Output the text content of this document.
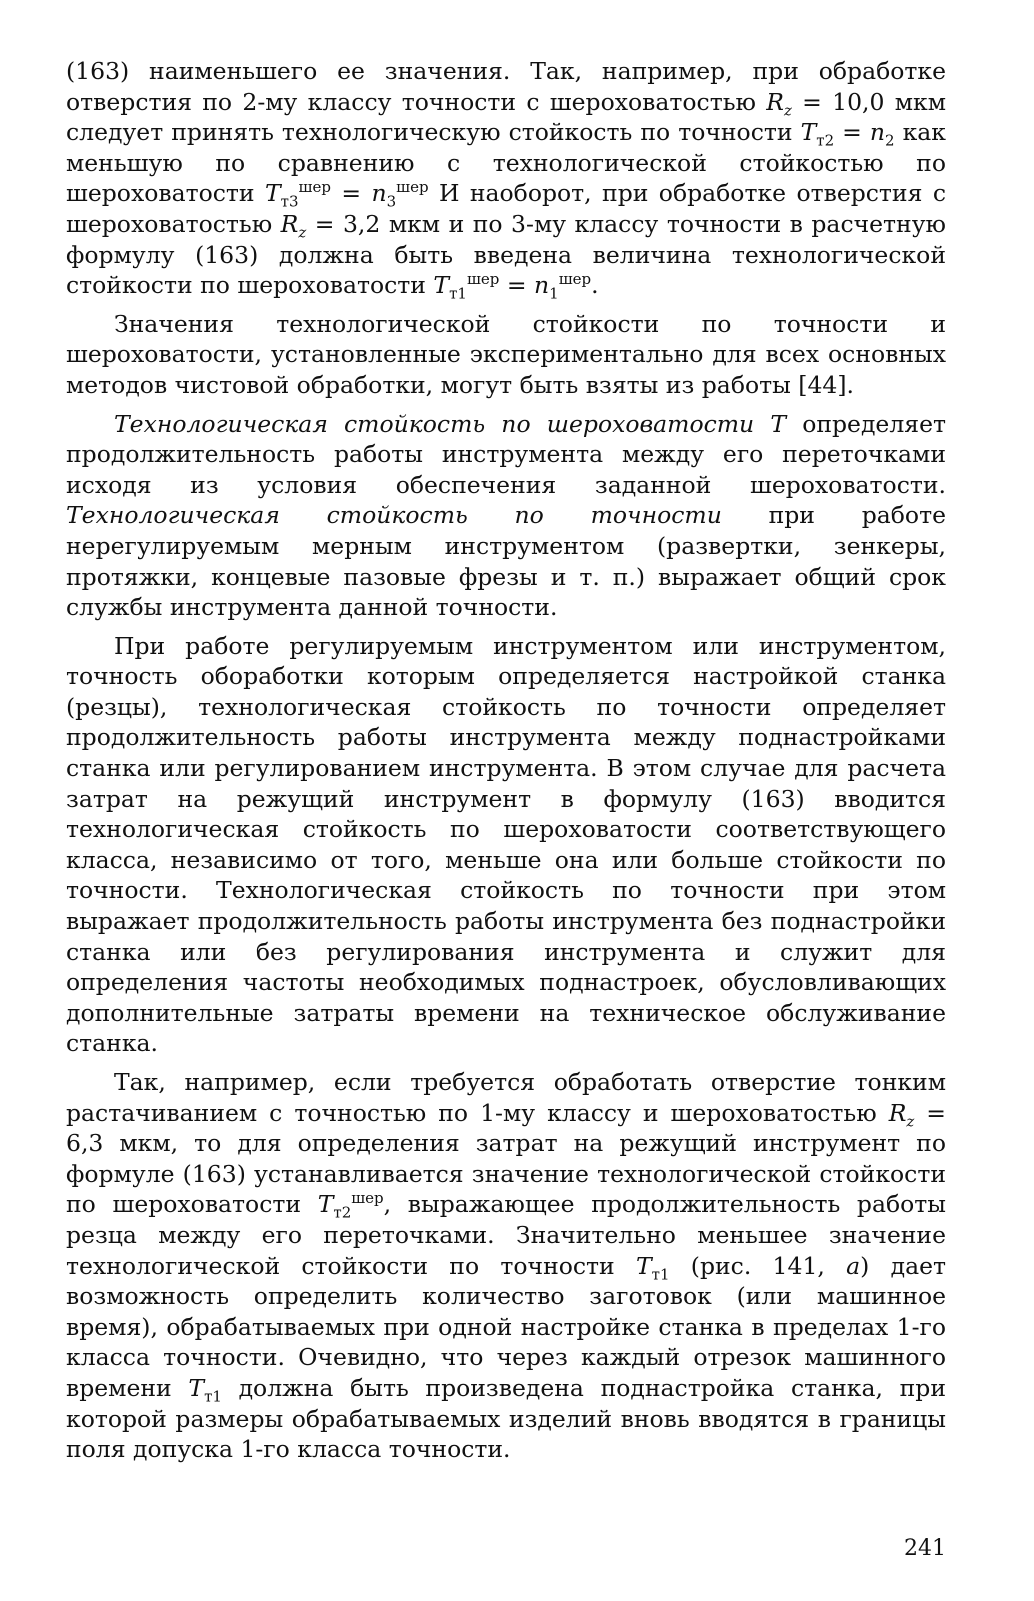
(163) наименьшего ее значения. Так, например, при обработке отверстия по 2-му классу точности с шероховатостью $R_z = 10,0$ мкм следует принять технологическую стойкость по точности $T_{т2} = n_2$ как меньшую по сравнению с технологической стойкостью по шероховатости $T_{т3}^{шер} = n_3^{шер}$ И наоборот, при обработке отверстия с шероховатостью $R_z = 3,2$ мкм и по 3-му классу точности в расчетную формулу (163) должна быть введена величина технологической стойкости по шероховатости $T_{т1}^{шер} = n_1^{шер}$.

Значения технологической стойкости по точности и шероховатости, установленные экспериментально для всех основных методов чистовой обработки, могут быть взяты из работы [44].

Технологическая стойкость по шероховатости T определяет продолжительность работы инструмента между его переточками исходя из условия обеспечения заданной шероховатости. Технологическая стойкость по точности при работе нерегулируемым мерным инструментом (развертки, зенкеры, протяжки, концевые пазовые фрезы и т. п.) выражает общий срок службы инструмента данной точности.

При работе регулируемым инструментом или инструментом, точность обоработки которым определяется настройкой станка (резцы), технологическая стойкость по точности определяет продолжительность работы инструмента между поднастройками станка или регулированием инструмента. В этом случае для расчета затрат на режущий инструмент в формулу (163) вводится технологическая стойкость по шероховатости соответствующего класса, независимо от того, меньше она или больше стойкости по точности. Технологическая стойкость по точности при этом выражает продолжительность работы инструмента без поднастройки станка или без регулирования инструмента и служит для определения частоты необходимых поднастроек, обусловливающих дополнительные затраты времени на техническое обслуживание станка.

Так, например, если требуется обработать отверстие тонким растачиванием с точностью по 1-му классу и шероховатостью $R_z = 6,3$ мкм, то для определения затрат на режущий инструмент по формуле (163) устанавливается значение технологической стойкости по шероховатости $T_{т2}^{шер}$, выражающее продолжительность работы резца между его переточками. Значительно меньшее значение технологической стойкости по точности $T_{т1}$ (рис. 141, а) дает возможность определить количество заготовок (или машинное время), обрабатываемых при одной настройке станка в пределах 1-го класса точности. Очевидно, что через каждый отрезок машинного времени $T_{т1}$ должна быть произведена поднастройка станка, при которой размеры обрабатываемых изделий вновь вводятся в границы поля допуска 1-го класса точности.

241
